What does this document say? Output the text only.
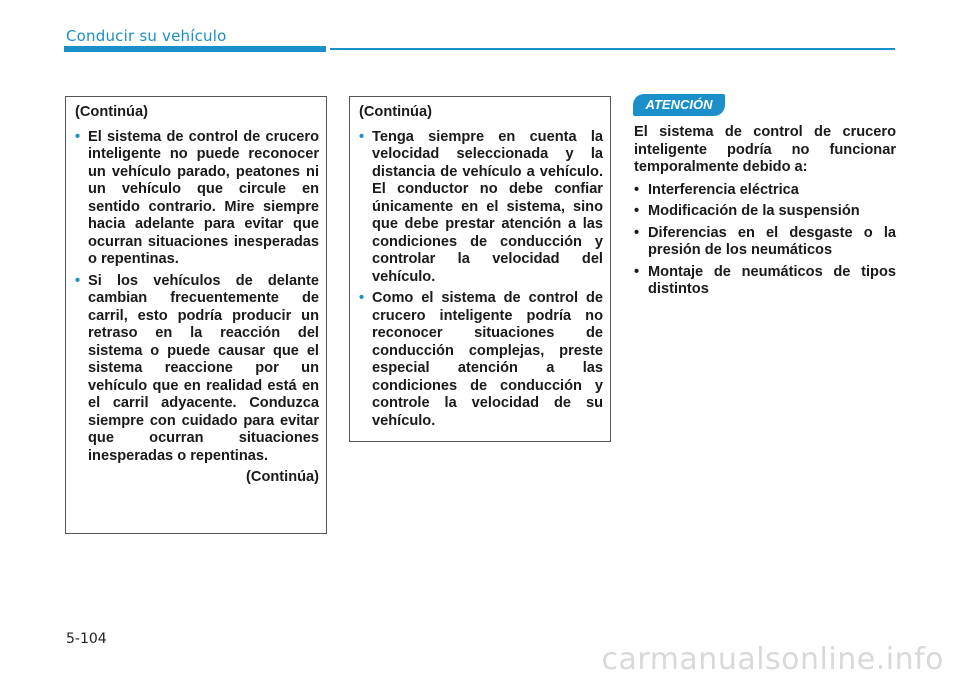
Conducir su vehículo
(Continúa)
• El sistema de control de crucero inteligente no puede reconocer un vehículo parado, peatones ni un vehículo que circule en sentido contrario. Mire siempre hacia adelante para evitar que ocurran situaciones inesperadas o repentinas.
• Si los vehículos de delante cambian frecuentemente de carril, esto podría producir un retraso en la reacción del sistema o puede causar que el sistema reaccione por un vehículo que en realidad está en el carril adyacente. Conduzca siempre con cuidado para evitar que ocurran situaciones inesperadas o repentinas.
(Continúa)
(Continúa)
• Tenga siempre en cuenta la velocidad seleccionada y la distancia de vehículo a vehículo. El conductor no debe confiar únicamente en el sistema, sino que debe prestar atención a las condiciones de conducción y controlar la velocidad del vehículo.
• Como el sistema de control de crucero inteligente podría no reconocer situaciones de conducción complejas, preste especial atención a las condiciones de conducción y controle la velocidad de su vehículo.
ATENCIÓN
El sistema de control de crucero inteligente podría no funcionar temporalmente debido a:
• Interferencia eléctrica
• Modificación de la suspensión
• Diferencias en el desgaste o la presión de los neumáticos
• Montaje de neumáticos de tipos distintos
5-104
carmanualsonline.info
